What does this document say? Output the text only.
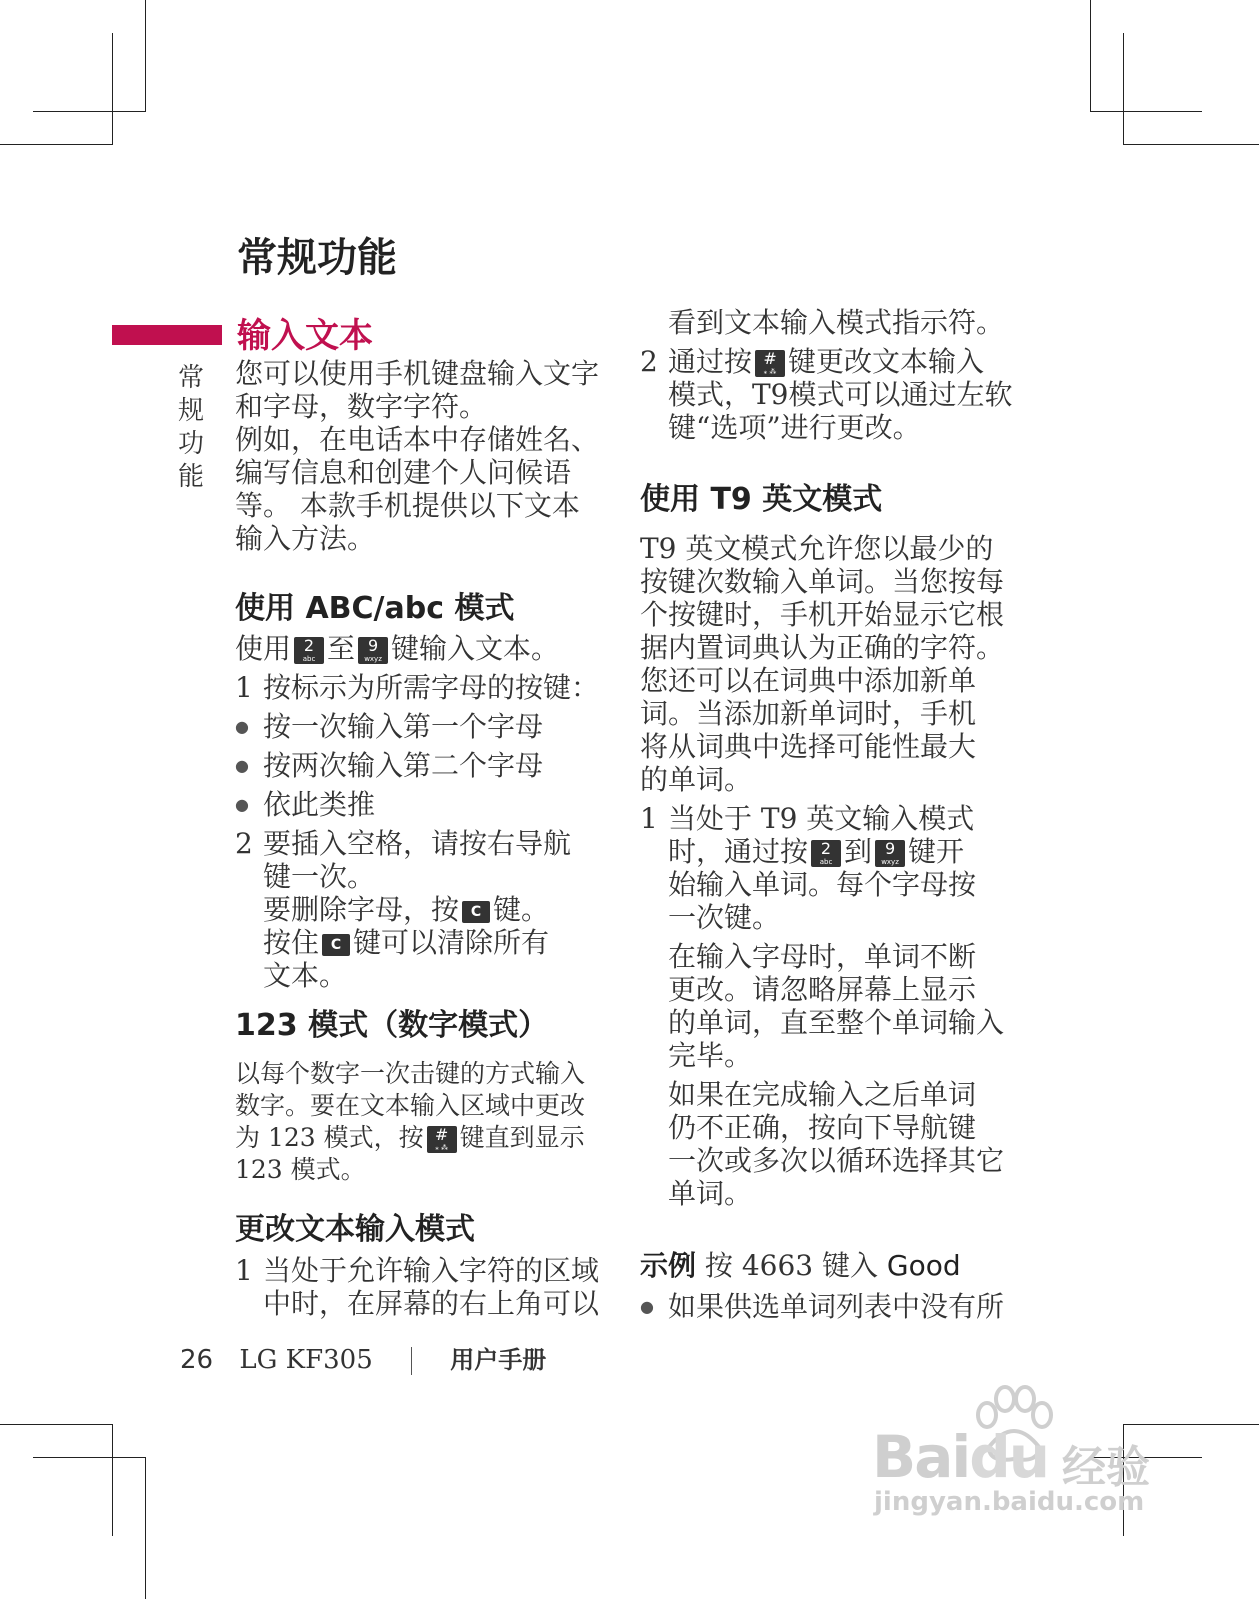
常规功能
输入文本
常
规
功
能

您可以使用手机键盘输入文字

和字母，数字字符。

例如，在电话本中存储姓名、

编写信息和创建个人问候语

等。 本款手机提供以下文本

输入方法。

使用 ABC/abc 模式

使用 2
abc 至 9
wxyz 键输入文本。

1 按标示为所需字母的按键：

● 按一次输入第一个字母

● 按两次输入第二个字母

● 依此类推

2 要插入空格，请按右导航

键一次。

要删除字母，按 C 键。

按住 C 键可以清除所有

文本。

123 模式（数字模式）

以每个数字一次击键的方式输入

数字。要在文本输入区域中更改

为 123 模式，按 #
⁎ ⁂ 键直到显示

123 模式。

更改文本输入模式

1 当处于允许输入字符的区域

中时，在屏幕的右上角可以

看到文本输入模式指示符。

2 通过按 #
⁎ ⁂ 键更改文本输入

模式，T9模式可以通过左软

键“选项”进行更改。

使用 T9 英文模式

T9 英文模式允许您以最少的

按键次数输入单词。当您按每

个按键时，手机开始显示它根

据内置词典认为正确的字符。

您还可以在词典中添加新单

词。当添加新单词时，手机

将从词典中选择可能性最大

的单词。

1 当处于 T9 英文输入模式

时，通过按 2
abc 到 9
wxyz 键开

始输入单词。每个字母按

一次键。

在输入字母时，单词不断

更改。请忽略屏幕上显示

的单词，直至整个单词输入

完毕。

如果在完成输入之后单词

仍不正确，按向下导航键

一次或多次以循环选择其它

单词。

示例 按 4663 键入 Good

● 如果供选单词列表中没有所

26 LG KF305	用户手册
Baidu 经验
jingyan.baidu.com
